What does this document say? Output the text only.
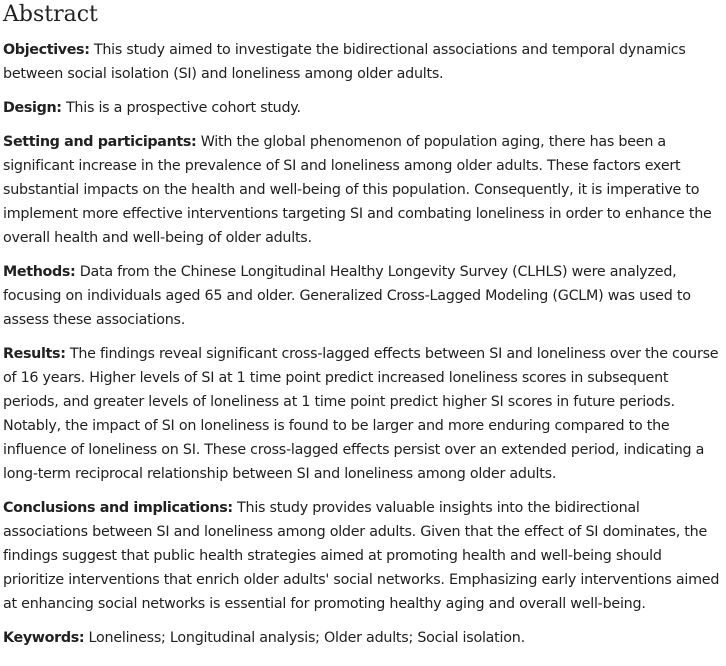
Abstract

Objectives: This study aimed to investigate the bidirectional associations and temporal dynamics between social isolation (SI) and loneliness among older adults.

Design: This is a prospective cohort study.

Setting and participants: With the global phenomenon of population aging, there has been a significant increase in the prevalence of SI and loneliness among older adults. These factors exert substantial impacts on the health and well-being of this population. Consequently, it is imperative to implement more effective interventions targeting SI and combating loneliness in order to enhance the overall health and well-being of older adults.

Methods: Data from the Chinese Longitudinal Healthy Longevity Survey (CLHLS) were analyzed, focusing on individuals aged 65 and older. Generalized Cross-Lagged Modeling (GCLM) was used to assess these associations.

Results: The findings reveal significant cross-lagged effects between SI and loneliness over the course of 16 years. Higher levels of SI at 1 time point predict increased loneliness scores in subsequent periods, and greater levels of loneliness at 1 time point predict higher SI scores in future periods. Notably, the impact of SI on loneliness is found to be larger and more enduring compared to the influence of loneliness on SI. These cross-lagged effects persist over an extended period, indicating a long-term reciprocal relationship between SI and loneliness among older adults.

Conclusions and implications: This study provides valuable insights into the bidirectional associations between SI and loneliness among older adults. Given that the effect of SI dominates, the findings suggest that public health strategies aimed at promoting health and well-being should prioritize interventions that enrich older adults' social networks. Emphasizing early interventions aimed at enhancing social networks is essential for promoting healthy aging and overall well-being.

Keywords: Loneliness; Longitudinal analysis; Older adults; Social isolation.
